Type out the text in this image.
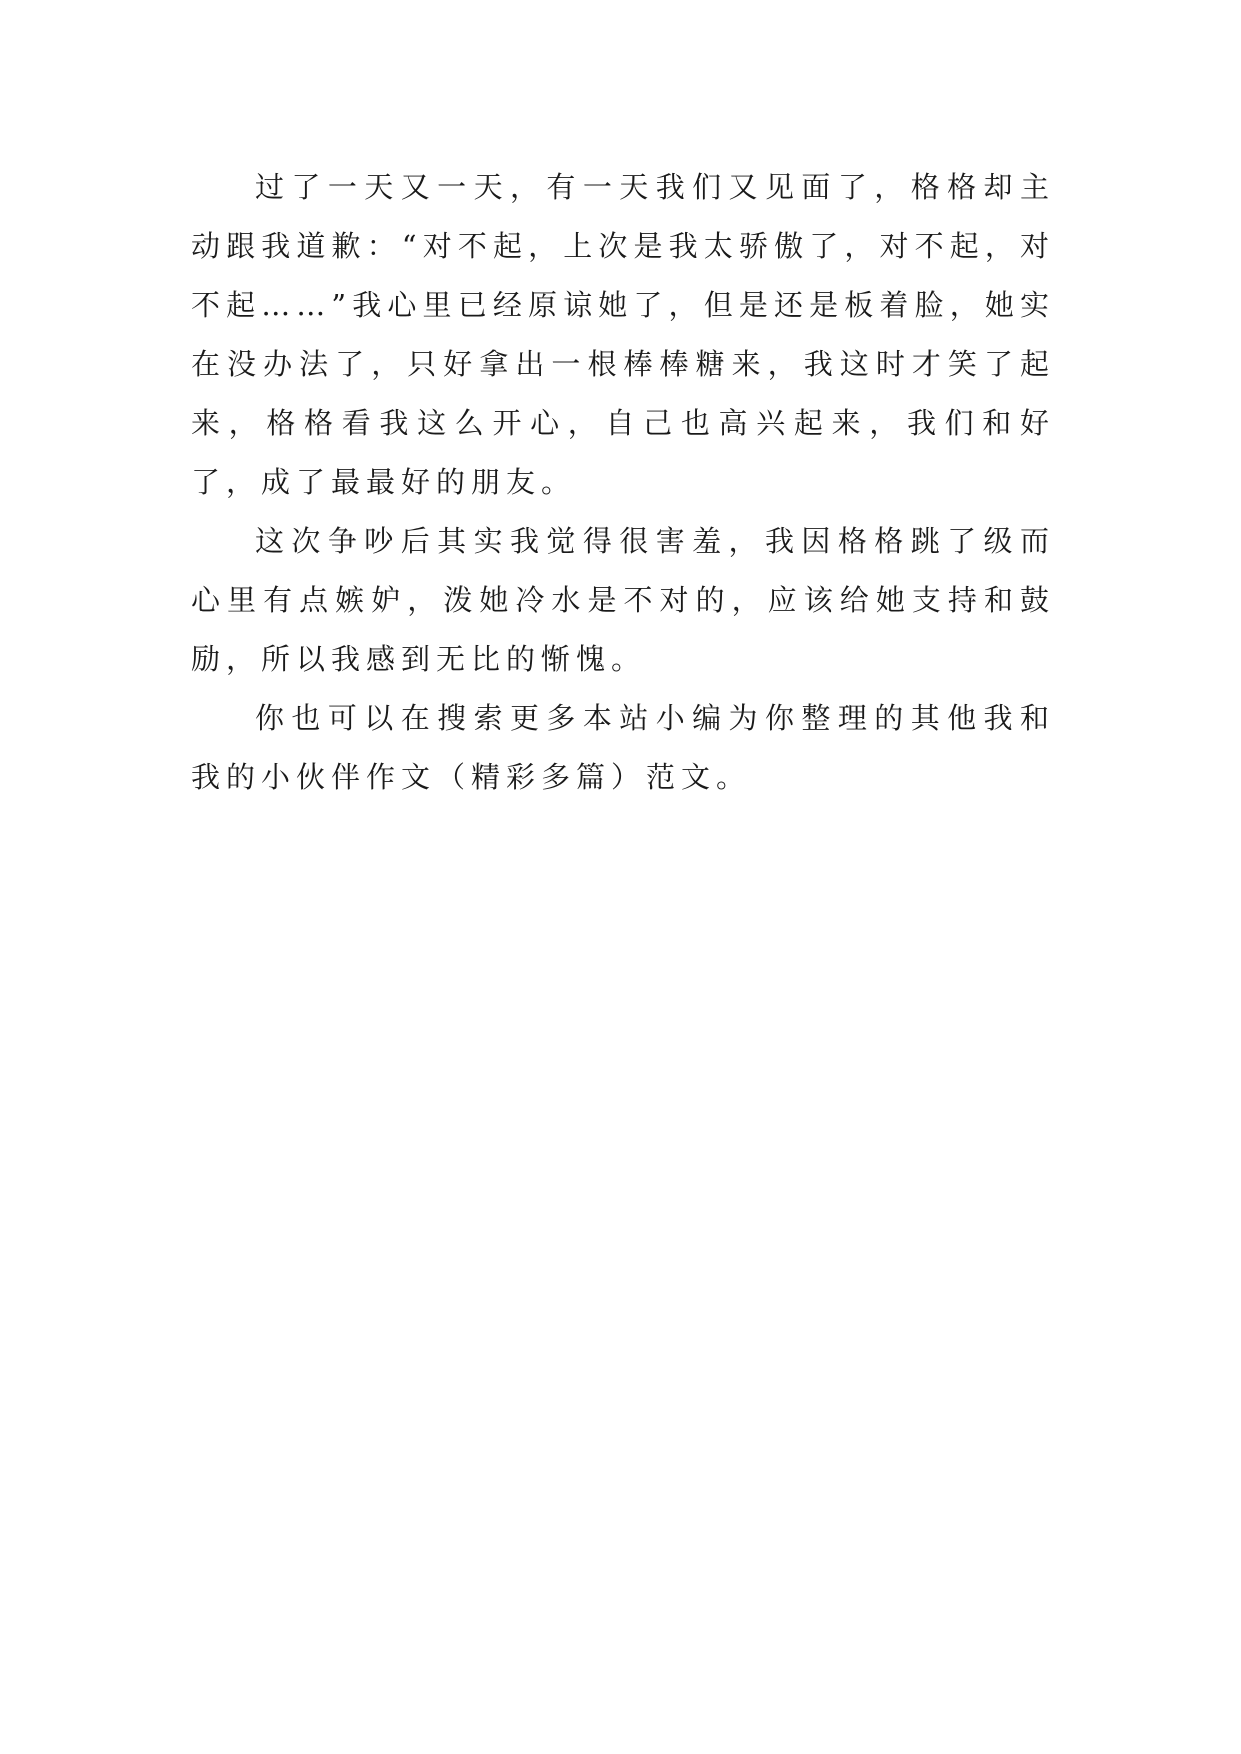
过了一天又一天，有一天我们又见面了，格格却主动跟我道歉：“对不起，上次是我太骄傲了，对不起，对不起……”我心里已经原谅她了，但是还是板着脸，她实在没办法了，只好拿出一根棒棒糖来，我这时才笑了起来，格格看我这么开心，自己也高兴起来，我们和好了，成了最最好的朋友。

这次争吵后其实我觉得很害羞，我因格格跳了级而心里有点嫉妒，泼她冷水是不对的，应该给她支持和鼓励，所以我感到无比的惭愧。

你也可以在搜索更多本站小编为你整理的其他我和我的小伙伴作文（精彩多篇）范文。
